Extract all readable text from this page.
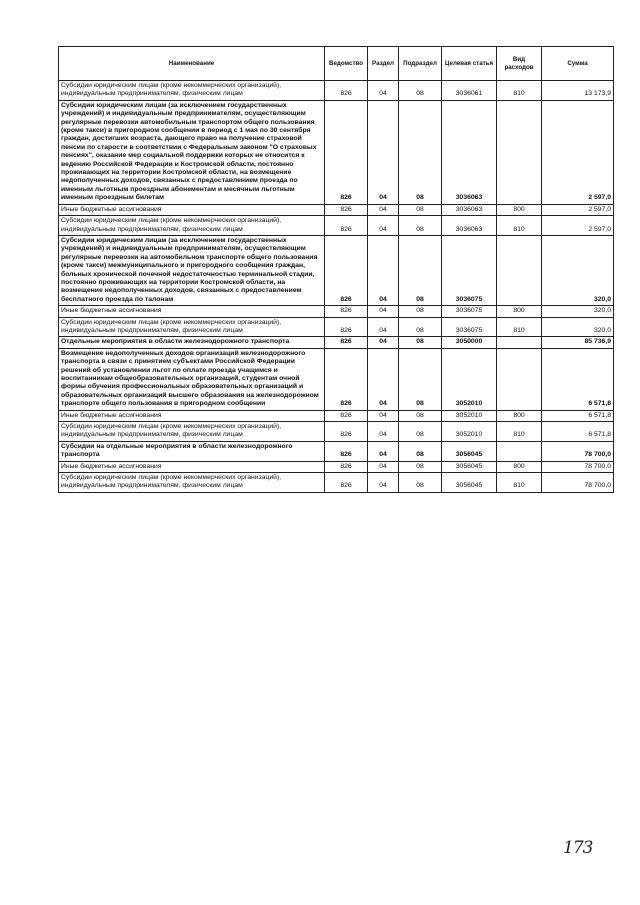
Наименование	Ведомство	Раздел	Подраздел	Целевая статья	Вид расходов	Сумма
Субсидии юридическим лицам (кроме некоммерческих организаций), индивидуальным предпринимателям, физическим лицам	826	04	08	3036061	810	13 173,9
Субсидии юридическим лицам (за исключением государственных учреждений) и индивидуальным предпринимателям, осуществляющим регулярные перевозки автомобильным транспортом общего пользования (кроме такси) в пригородном сообщении в период с 1 мая по 30 сентября граждан, достигших возраста, дающего право на получение страховой пенсии по старости в соответствии с Федеральным законом "О страховых пенсиях", оказание мер социальной поддержки которых не относится к ведению Российской Федерации и Костромской области, постоянно проживающих на территории Костромской области, на возмещение недополученных доходов, связанных с предоставлением проезда по именным льготным проездным абонементам и месячным льготным именным проездным билетам	826	04	08	3036063		2 597,0
Иные бюджетные ассигнования	826	04	08	3036063	800	2 597,0
Субсидии юридическим лицам (кроме некоммерческих организаций), индивидуальным предпринимателям, физическим лицам	826	04	08	3036063	810	2 597,0
Субсидии юридическим лицам (за исключением государственных учреждений) и индивидуальным предпринимателям, осуществляющим регулярные перевозки на автомобильном транспорте общего пользования (кроме такси) межмуниципального и пригородного сообщения граждан, больных хронической почечной недостаточностью терминальной стадии, постоянно проживающих на территории Костромской области, на возмещение недополученных доходов, связанных с предоставлением бесплатного проезда по талонам	826	04	08	3036075		320,0
Иные бюджетные ассигнования	826	04	08	3036075	800	320,0
Субсидии юридическим лицам (кроме некоммерческих организаций), индивидуальным предпринимателям, физическим лицам	826	04	08	3036075	810	320,0
Отдельные мероприятия в области железнодорожного транспорта	826	04	08	3050000		85 736,9
Возмещение недополученных доходов организаций железнодорожного транспорта в связи с принятием субъектами Российской Федерации решений об установлении льгот по оплате проезда учащимся и воспитанникам общеобразовательных организаций, студентам очной формы обучения профессиональных образовательных организаций и образовательных организаций высшего образования на железнодорожном транспорте общего пользования в пригородном сообщении	826	04	08	3052010		6 571,8
Иные бюджетные ассигнования	826	04	08	3052010	800	6 571,8
Субсидии юридическим лицам (кроме некоммерческих организаций), индивидуальным предпринимателям, физическим лицам	826	04	08	3052010	810	6 571,8
Субсидии на отдельные мероприятия в области железнодорожного транспорта	826	04	08	3056045		78 700,0
Иные бюджетные ассигнования	826	04	08	3056045	800	78 700,0
Субсидии юридическим лицам (кроме некоммерческих организаций), индивидуальным предпринимателям, физическим лицам	826	04	08	3056045	810	78 700,0
173
